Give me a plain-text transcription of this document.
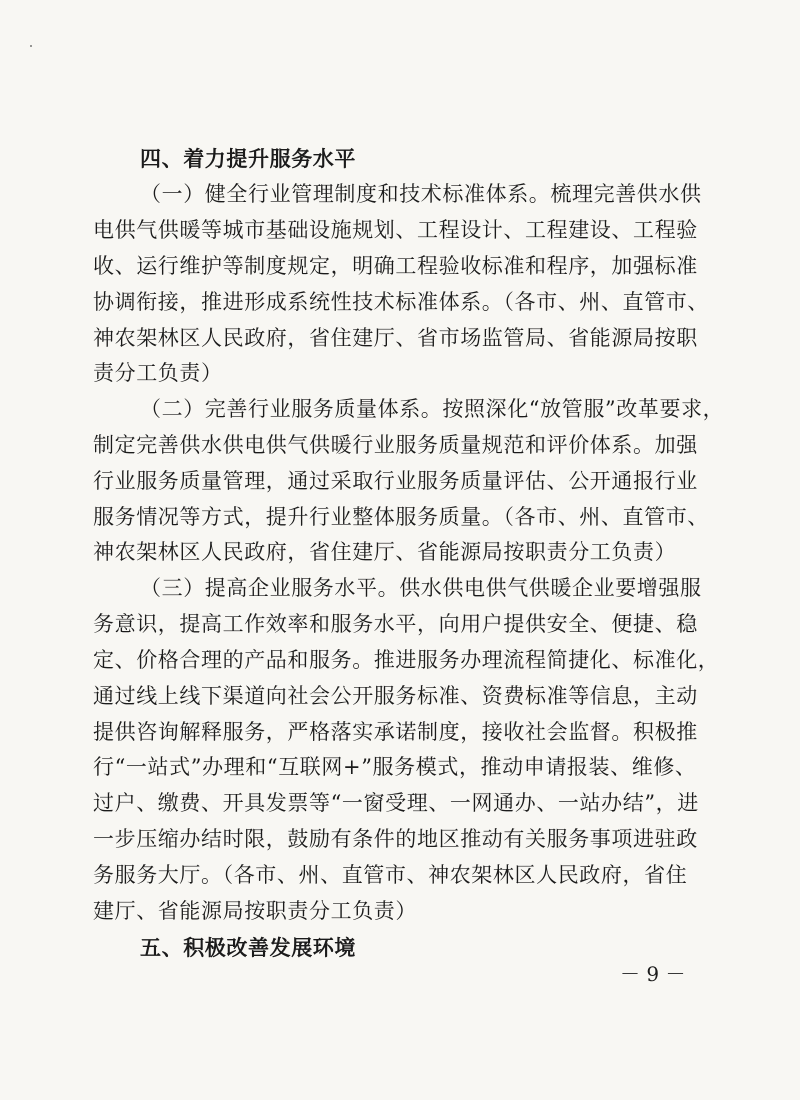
四、着力提升服务水平
（一）健全行业管理制度和技术标准体系。梳理完善供水供
电供气供暖等城市基础设施规划、工程设计、工程建设、工程验
收、运行维护等制度规定，明确工程验收标准和程序，加强标准
协调衔接，推进形成系统性技术标准体系。（各市、州、直管市、
神农架林区人民政府，省住建厅、省市场监管局、省能源局按职
责分工负责）
（二）完善行业服务质量体系。按照深化“放管服”改革要求，
制定完善供水供电供气供暖行业服务质量规范和评价体系。加强
行业服务质量管理，通过采取行业服务质量评估、公开通报行业
服务情况等方式，提升行业整体服务质量。（各市、州、直管市、
神农架林区人民政府，省住建厅、省能源局按职责分工负责）
（三）提高企业服务水平。供水供电供气供暖企业要增强服
务意识，提高工作效率和服务水平，向用户提供安全、便捷、稳
定、价格合理的产品和服务。推进服务办理流程简捷化、标准化，
通过线上线下渠道向社会公开服务标准、资费标准等信息，主动
提供咨询解释服务，严格落实承诺制度，接收社会监督。积极推
行“一站式”办理和“互联网+”服务模式，推动申请报装、维修、
过户、缴费、开具发票等“一窗受理、一网通办、一站办结”，进
一步压缩办结时限，鼓励有条件的地区推动有关服务事项进驻政
务服务大厅。（各市、州、直管市、神农架林区人民政府，省住
建厅、省能源局按职责分工负责）
五、积极改善发展环境
－ 9 －
